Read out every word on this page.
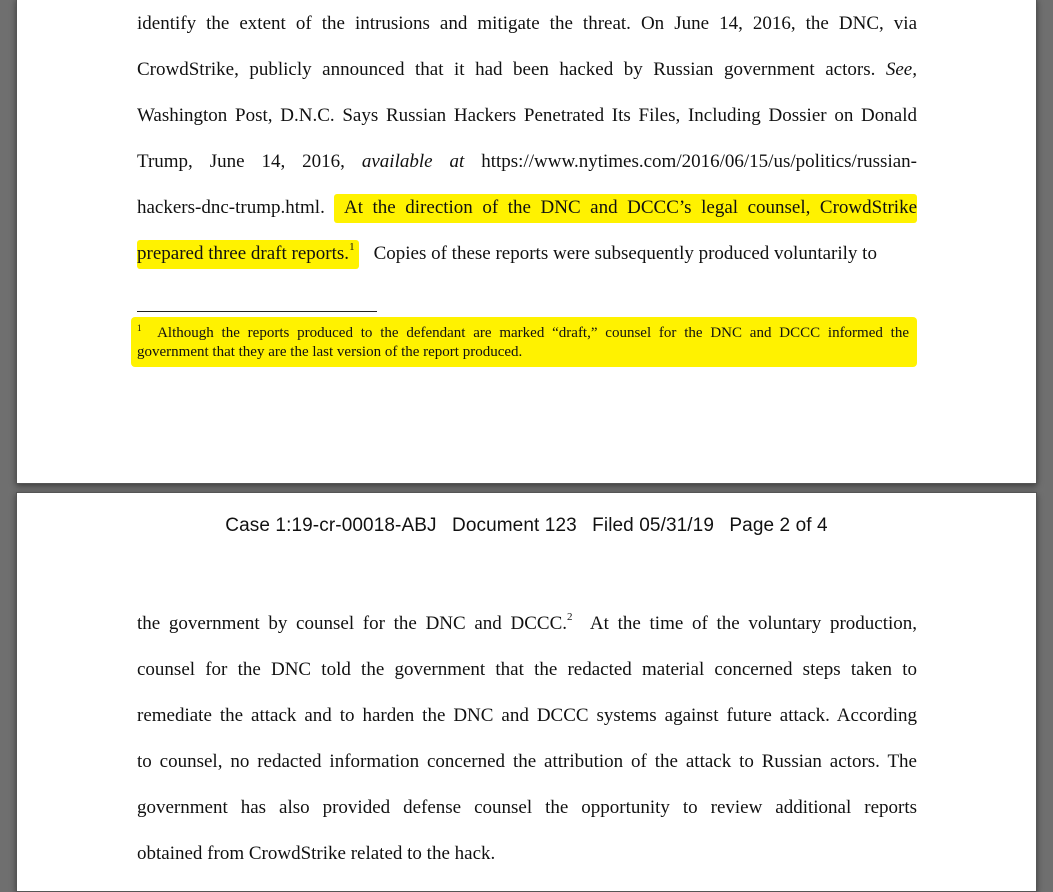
identify the extent of the intrusions and mitigate the threat. On June 14, 2016, the DNC, via
CrowdStrike, publicly announced that it had been hacked by Russian government actors. See,
Washington Post, D.N.C. Says Russian Hackers Penetrated Its Files, Including Dossier on Donald
Trump, June 14, 2016, available at https://www.nytimes.com/2016/06/15/us/politics/russian-
hackers-dnc-trump.html. At the direction of the DNC and DCCC’s legal counsel, CrowdStrike
prepared three draft reports.$^1$ Copies of these reports were subsequently produced voluntarily to
$^1$ Although the reports produced to the defendant are marked “draft,” counsel for the DNC and DCCC informed the
government that they are the last version of the report produced.
Case 1:19-cr-00018-ABJ Document 123 Filed 05/31/19 Page 2 of 4
the government by counsel for the DNC and DCCC.$^2$ At the time of the voluntary production,
counsel for the DNC told the government that the redacted material concerned steps taken to
remediate the attack and to harden the DNC and DCCC systems against future attack. According
to counsel, no redacted information concerned the attribution of the attack to Russian actors. The
government has also provided defense counsel the opportunity to review additional reports
obtained from CrowdStrike related to the hack.
